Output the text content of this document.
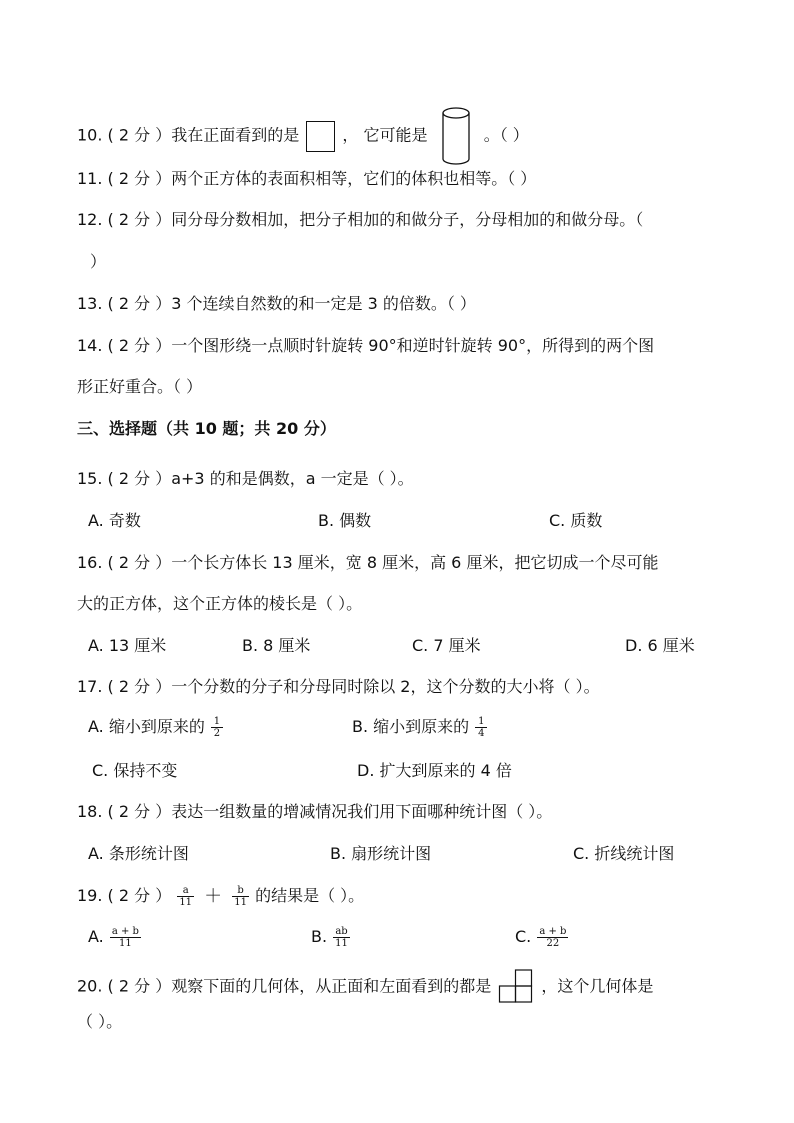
10. ( 2 分 ）我在正面看到的是	， 它可能是	。（ ）
11. ( 2 分 ）两个正方体的表面积相等，它们的体积也相等。（ ）
12. ( 2 分 ）同分母分数相加，把分子相加的和做分子，分母相加的和做分母。（
）
13. ( 2 分 ）3 个连续自然数的和一定是 3 的倍数。（ ）
14. ( 2 分 ）一个图形绕一点顺时针旋转 90°和逆时针旋转 90°，所得到的两个图
形正好重合。（ ）
三、选择题（共 10 题；共 20 分）
15. ( 2 分 ）a+3 的和是偶数，a 一定是（ ）。
A. 奇数	B. 偶数	C. 质数
16. ( 2 分 ）一个长方体长 13 厘米，宽 8 厘米，高 6 厘米，把它切成一个尽可能
大的正方体，这个正方体的棱长是（ ）。
A. 13 厘米	B. 8 厘米	C. 7 厘米	D. 6 厘米
17. ( 2 分 ）一个分数的分子和分母同时除以 2，这个分数的大小将（ ）。
A. 缩小到原来的 $\frac{1}{2}$	B. 缩小到原来的 $\frac{1}{4}$
C. 保持不变	D. 扩大到原来的 4 倍
18. ( 2 分 ）表达一组数量的增减情况我们用下面哪种统计图（ ）。
A. 条形统计图	B. 扇形统计图	C. 折线统计图
19. ( 2 分 ） $\frac{a}{11} + \frac{b}{11}$ 的结果是（ ）。
A. $\frac{a + b}{11}$	B. $\frac{ab}{11}$	C. $\frac{a + b}{22}$
20. ( 2 分 ）观察下面的几何体，从正面和左面看到的都是	，这个几何体是
（ ）。
